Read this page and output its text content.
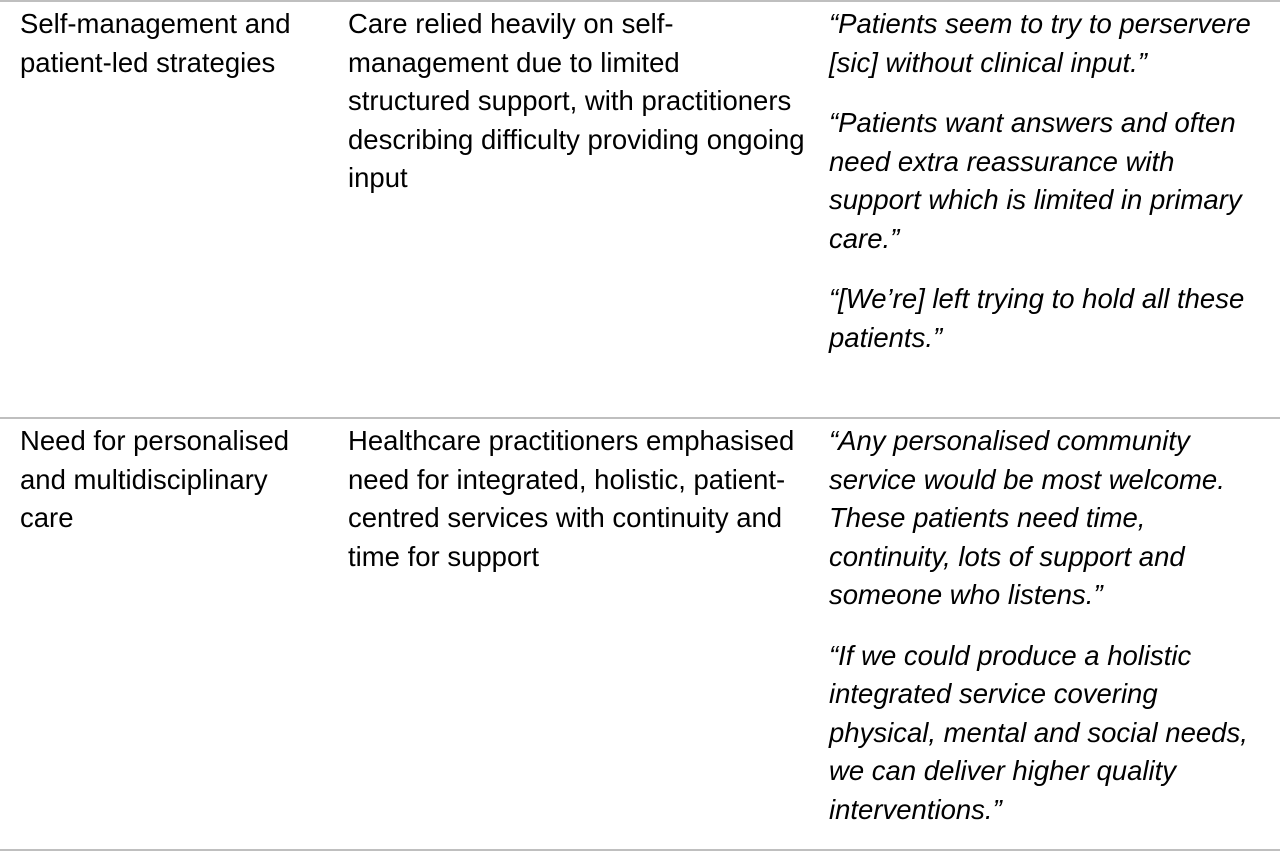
Self-management and patient-led strategies
Care relied heavily on self-management due to limited structured support, with practitioners describing difficulty providing ongoing input

“Patients seem to try to perservere [sic] without clinical input.”

“Patients want answers and often need extra reassurance with support which is limited in primary care.”

“[We’re] left trying to hold all these patients.”

Need for personalised and multidisciplinary care
Healthcare practitioners emphasised need for integrated, holistic, patient-centred services with continuity and time for support

“Any personalised community service would be most welcome. These patients need time, continuity, lots of support and someone who listens.”

“If we could produce a holistic integrated service covering physical, mental and social needs, we can deliver higher quality interventions.”
